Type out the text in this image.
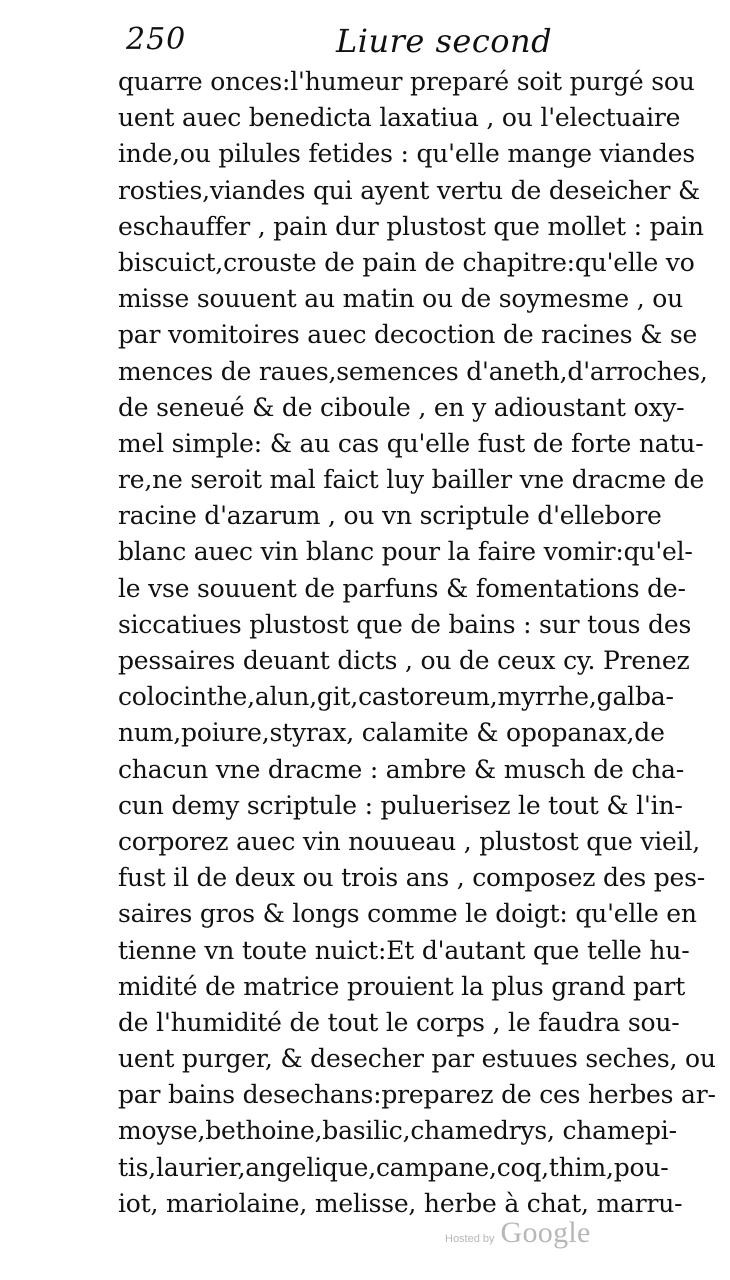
250	Liure second
quarre onces:l'humeur preparé soit purgé sou
uent auec benedicta laxatiua , ou l'electuaire
inde,ou pilules fetides : qu'elle mange viandes
rosties,viandes qui ayent vertu de deseicher &
eschauffer , pain dur plustost que mollet : pain
biscuict,crouste de pain de chapitre:qu'elle vo
misse souuent au matin ou de soymesme , ou
par vomitoires auec decoction de racines & se
mences de raues,semences d'aneth,d'arroches,
de seneué & de ciboule , en y adioustant oxy-
mel simple: & au cas qu'elle fust de forte natu-
re,ne seroit mal faict luy bailler vne dracme de
racine d'azarum , ou vn scriptule d'ellebore
blanc auec vin blanc pour la faire vomir:qu'el-
le vse souuent de parfuns & fomentations de-
siccatiues plustost que de bains : sur tous des
pessaires deuant dicts , ou de ceux cy. Prenez
colocinthe,alun,git,castoreum,myrrhe,galba-
num,poiure,styrax, calamite & opopanax,de
chacun vne dracme : ambre & musch de cha-
cun demy scriptule : puluerisez le tout & l'in-
corporez auec vin nouueau , plustost que vieil,
fust il de deux ou trois ans , composez des pes-
saires gros & longs comme le doigt: qu'elle en
tienne vn toute nuict:Et d'autant que telle hu-
midité de matrice prouient la plus grand part
de l'humidité de tout le corps , le faudra sou-
uent purger, & desecher par estuues seches, ou
par bains desechans:preparez de ces herbes ar-
moyse,bethoine,basilic,chamedrys, chamepi-
tis,laurier,angelique,campane,coq,thim,pou-
iot, mariolaine, melisse, herbe à chat, marru-
Hosted by Google
